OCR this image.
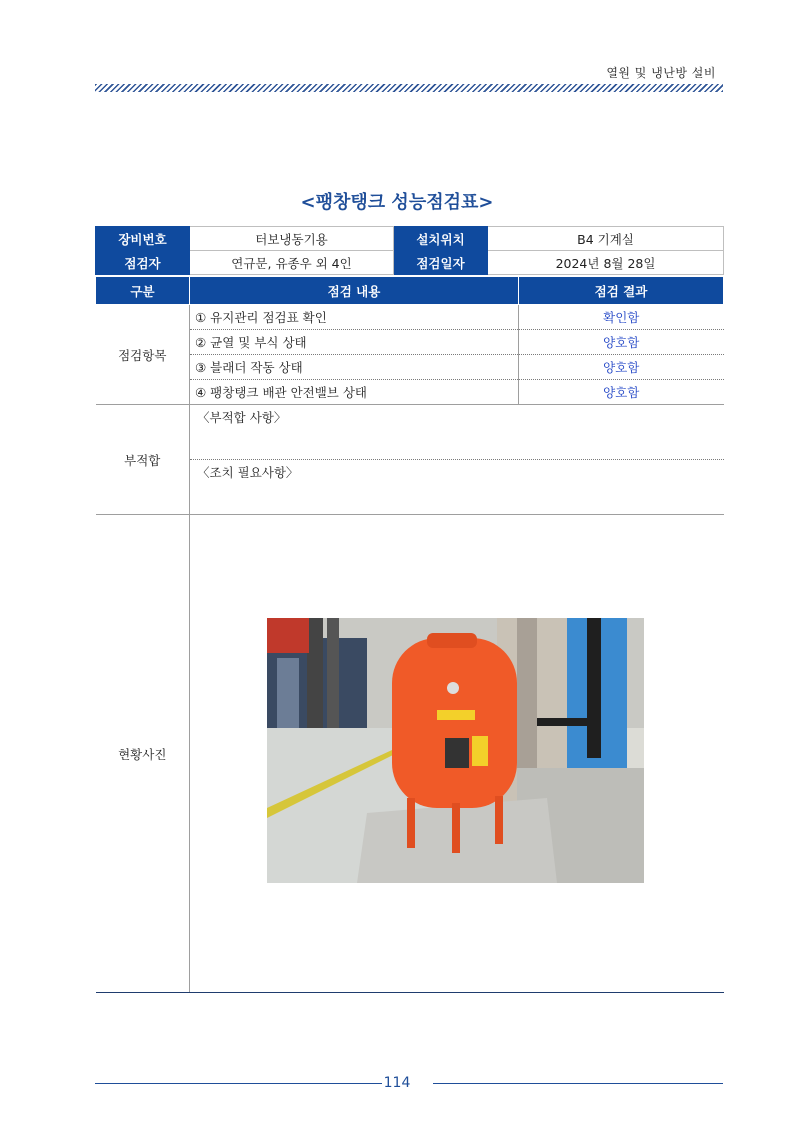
열원 및 냉난방 설비
<팽창탱크 성능점검표>
장비번호	터보냉동기용	설치위치	B4 기계실
점검자	연규문, 유종우 외 4인	점검일자	2024년 8월 28일
구분	점검 내용	점검 결과
점검항목	① 유지관리 점검표 확인	확인함
	② 균열 및 부식 상태	양호함
	③ 블래더 작동 상태	양호함
	④ 팽창탱크 배관 안전밸브 상태	양호함
부적합	〈부적합 사항〉
〈조치 필요사항〉	

현황사진		
114
